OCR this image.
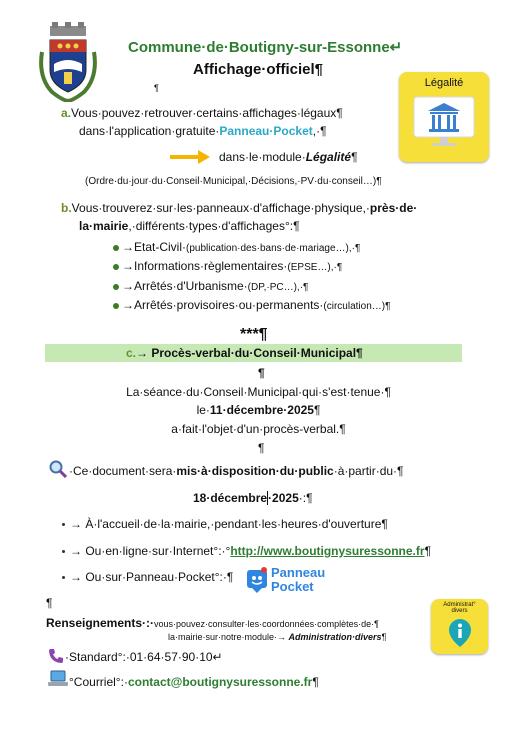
Commune·de·Boutigny-sur-Essonne↵
Affichage·officiel¶
¶	Légalité
a.Vous·pouvez·retrouver·certains·affichages·légaux¶
dans·l'application·gratuite·Panneau·Pocket,·¶
dans·le·module·Légalité¶
(Ordre·du·jour·du·Conseil·Municipal,·Décisions,·PV·du·conseil…)¶
b.Vous·trouverez·sur·les·panneaux·d'affichage·physique,·près·de·
la·mairie,·différents·types·d'affichages°:¶
→Etat-Civil·(publication·des·bans·de·mariage…),·¶
→Informations·règlementaires·(EPSE…),·¶
→Arrêtés·d'Urbanisme·(DP,·PC…),·¶
→Arrêtés·provisoires·ou·permanents·(circulation…)¶
***¶
c.→ Procès-verbal·du·Conseil·Municipal¶
¶
La·séance·du·Conseil·Municipal·qui·s'est·tenue·¶
le·11·décembre·2025¶
a·fait·l'objet·d'un·procès-verbal.¶
¶
·Ce·document·sera·mis·à·disposition·du·public·à·partir·du·¶
18·décembre·2025·:¶
→ À·l'accueil·de·la·mairie,·pendant·les·heures·d'ouverture¶
→ Ou·en·ligne·sur·Internet°:·°http://www.boutignysuressonne.fr¶
→ Ou·sur·Panneau·Pocket°:·¶	Panneau
Pocket
¶
Renseignements·:·vous·pouvez·consulter·les·coordonnées·complètes·de·¶
la·mairie·sur·notre·module·→ Administration·divers¶
Administrat°
divers
·Standard°:·01·64·57·90·10↵
°Courriel°:·contact@boutignysuressonne.fr¶
